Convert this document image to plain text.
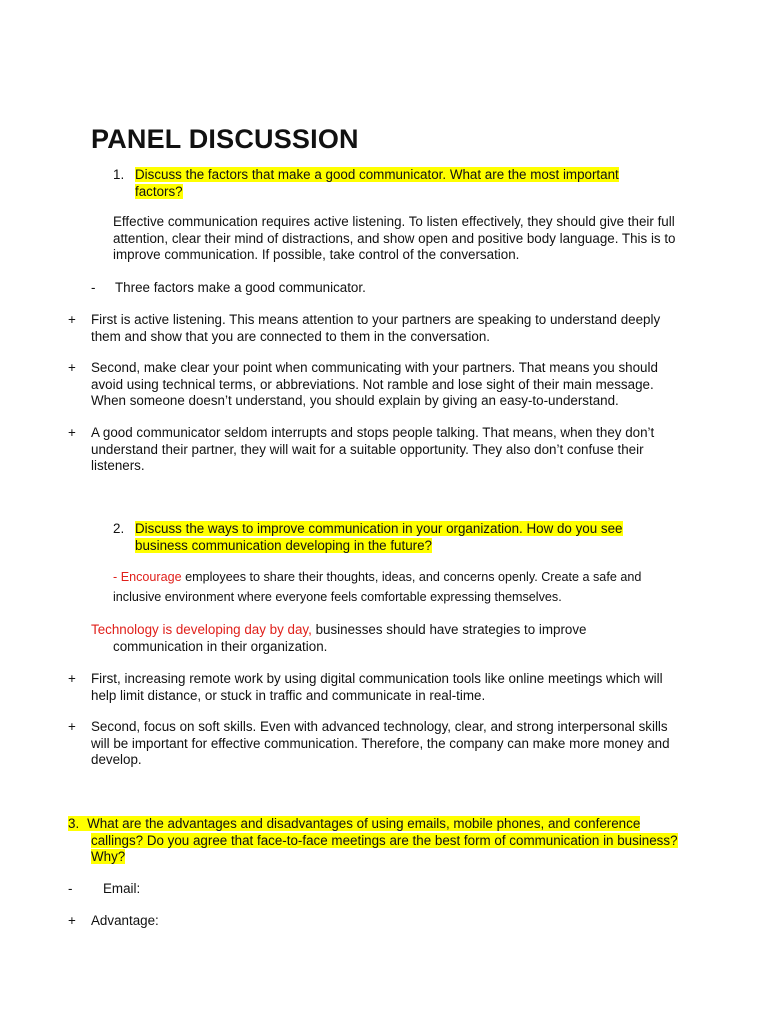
PANEL DISCUSSION
1. Discuss the factors that make a good communicator. What are the most important factors?
Effective communication requires active listening. To listen effectively, they should give their full attention, clear their mind of distractions, and show open and positive body language. This is to improve communication. If possible, take control of the conversation.
- Three factors make a good communicator.
+ First is active listening. This means attention to your partners are speaking to understand deeply them and show that you are connected to them in the conversation.
+ Second, make clear your point when communicating with your partners. That means you should avoid using technical terms, or abbreviations. Not ramble and lose sight of their main message. When someone doesn’t understand, you should explain by giving an easy-to-understand.
+ A good communicator seldom interrupts and stops people talking. That means, when they don’t understand their partner, they will wait for a suitable opportunity. They also don’t confuse their listeners.
2. Discuss the ways to improve communication in your organization. How do you see business communication developing in the future?
- Encourage employees to share their thoughts, ideas, and concerns openly. Create a safe and inclusive environment where everyone feels comfortable expressing themselves.
Technology is developing day by day, businesses should have strategies to improve communication in their organization.
+ First, increasing remote work by using digital communication tools like online meetings which will help limit distance, or stuck in traffic and communicate in real-time.
+ Second, focus on soft skills. Even with advanced technology, clear, and strong interpersonal skills will be important for effective communication. Therefore, the company can make more money and develop.
3. What are the advantages and disadvantages of using emails, mobile phones, and conference callings? Do you agree that face-to-face meetings are the best form of communication in business? Why?
- Email:
+ Advantage:
